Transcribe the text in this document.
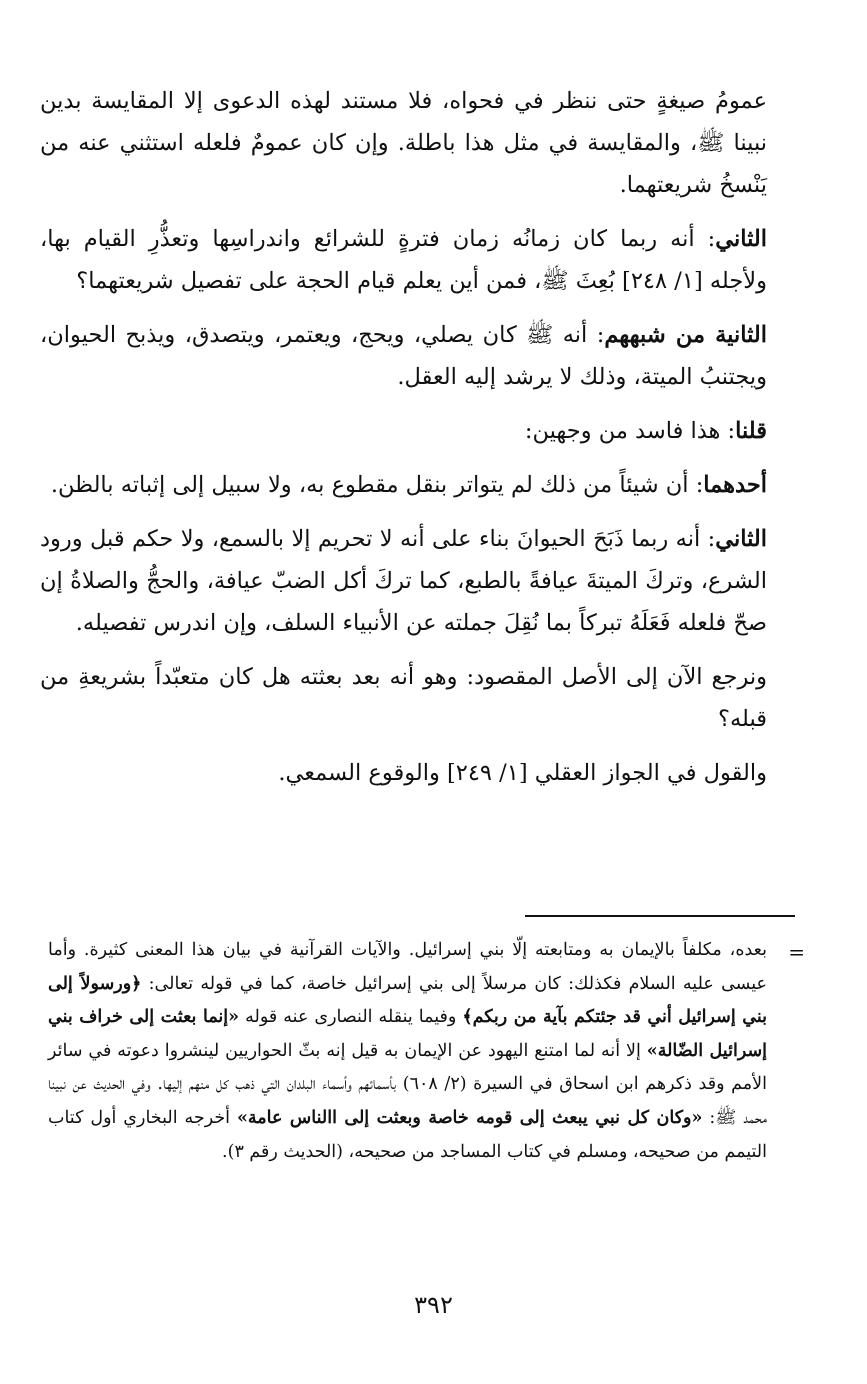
عمومُ صيغةٍ حتى ننظر في فحواه، فلا مستند لهذه الدعوى إلا المقايسة بدين نبينا ﷺ، والمقايسة في مثل هذا باطلة. وإن كان عمومٌ فلعله استثني عنه من يَنْسخُ شريعتهما.

الثاني: أنه ربما كان زمانُه زمان فترةٍ للشرائع واندراسِها وتعذُّرِ القيام بها، ولأجله [١/ ٢٤٨] بُعِثَ ﷺ، فمن أين يعلم قيام الحجة على تفصيل شريعتهما؟

الثانية من شبههم: أنه ﷺ كان يصلي، ويحج، ويعتمر، ويتصدق، ويذبح الحيوان، ويجتنبُ الميتة، وذلك لا يرشد إليه العقل.

قلنا: هذا فاسد من وجهين:

أحدهما: أن شيئاً من ذلك لم يتواتر بنقل مقطوع به، ولا سبيل إلى إثباته بالظن.

الثاني: أنه ربما ذَبَحَ الحيوانَ بناء على أنه لا تحريم إلا بالسمع، ولا حكم قبل ورود الشرع، وتركَ الميتةَ عيافةً بالطبع، كما تركَ أكل الضبّ عيافة، والحجُّ والصلاةُ إن صحّ فلعله فَعَلَهُ تبركاً بما نُقِلَ جملته عن الأنبياء السلف، وإن اندرس تفصيله.

ونرجع الآن إلى الأصل المقصود: وهو أنه بعد بعثته هل كان متعبّداً بشريعةِ من قبله؟

والقول في الجواز العقلي [١/ ٢٤٩] والوقوع السمعي.

=

بعده، مكلفاً بالإيمان به ومتابعته إلّا بني إسرائيل. والآيات القرآنية في بيان هذا المعنى كثيرة. وأما عيسى عليه السلام فكذلك: كان مرسلاً إلى بني إسرائيل خاصة، كما في قوله تعالى: ﴿ورسولاً إلى بني إسرائيل أني قد جئتكم بآية من ربكم﴾ وفيما ينقله النصارى عنه قوله «إنما بعثت إلى خراف بني إسرائيل الضّالة» إلا أنه لما امتنع اليهود عن الإيمان به قيل إنه بثّ الحواريين لينشروا دعوته في سائر الأمم وقد ذكرهم ابن اسحاق في السيرة (٢/ ٦٠٨) بأسمائهم وأسماء البلدان التي ذهب كل منهم إليها. وفي الحديث عن نبينا محمد ﷺ: «وكان كل نبي يبعث إلى قومه خاصة وبعثت إلى االناس عامة» أخرجه البخاري أول كتاب التيمم من صحيحه، ومسلم في كتاب المساجد من صحيحه، (الحديث رقم ٣).

٣٩٢
